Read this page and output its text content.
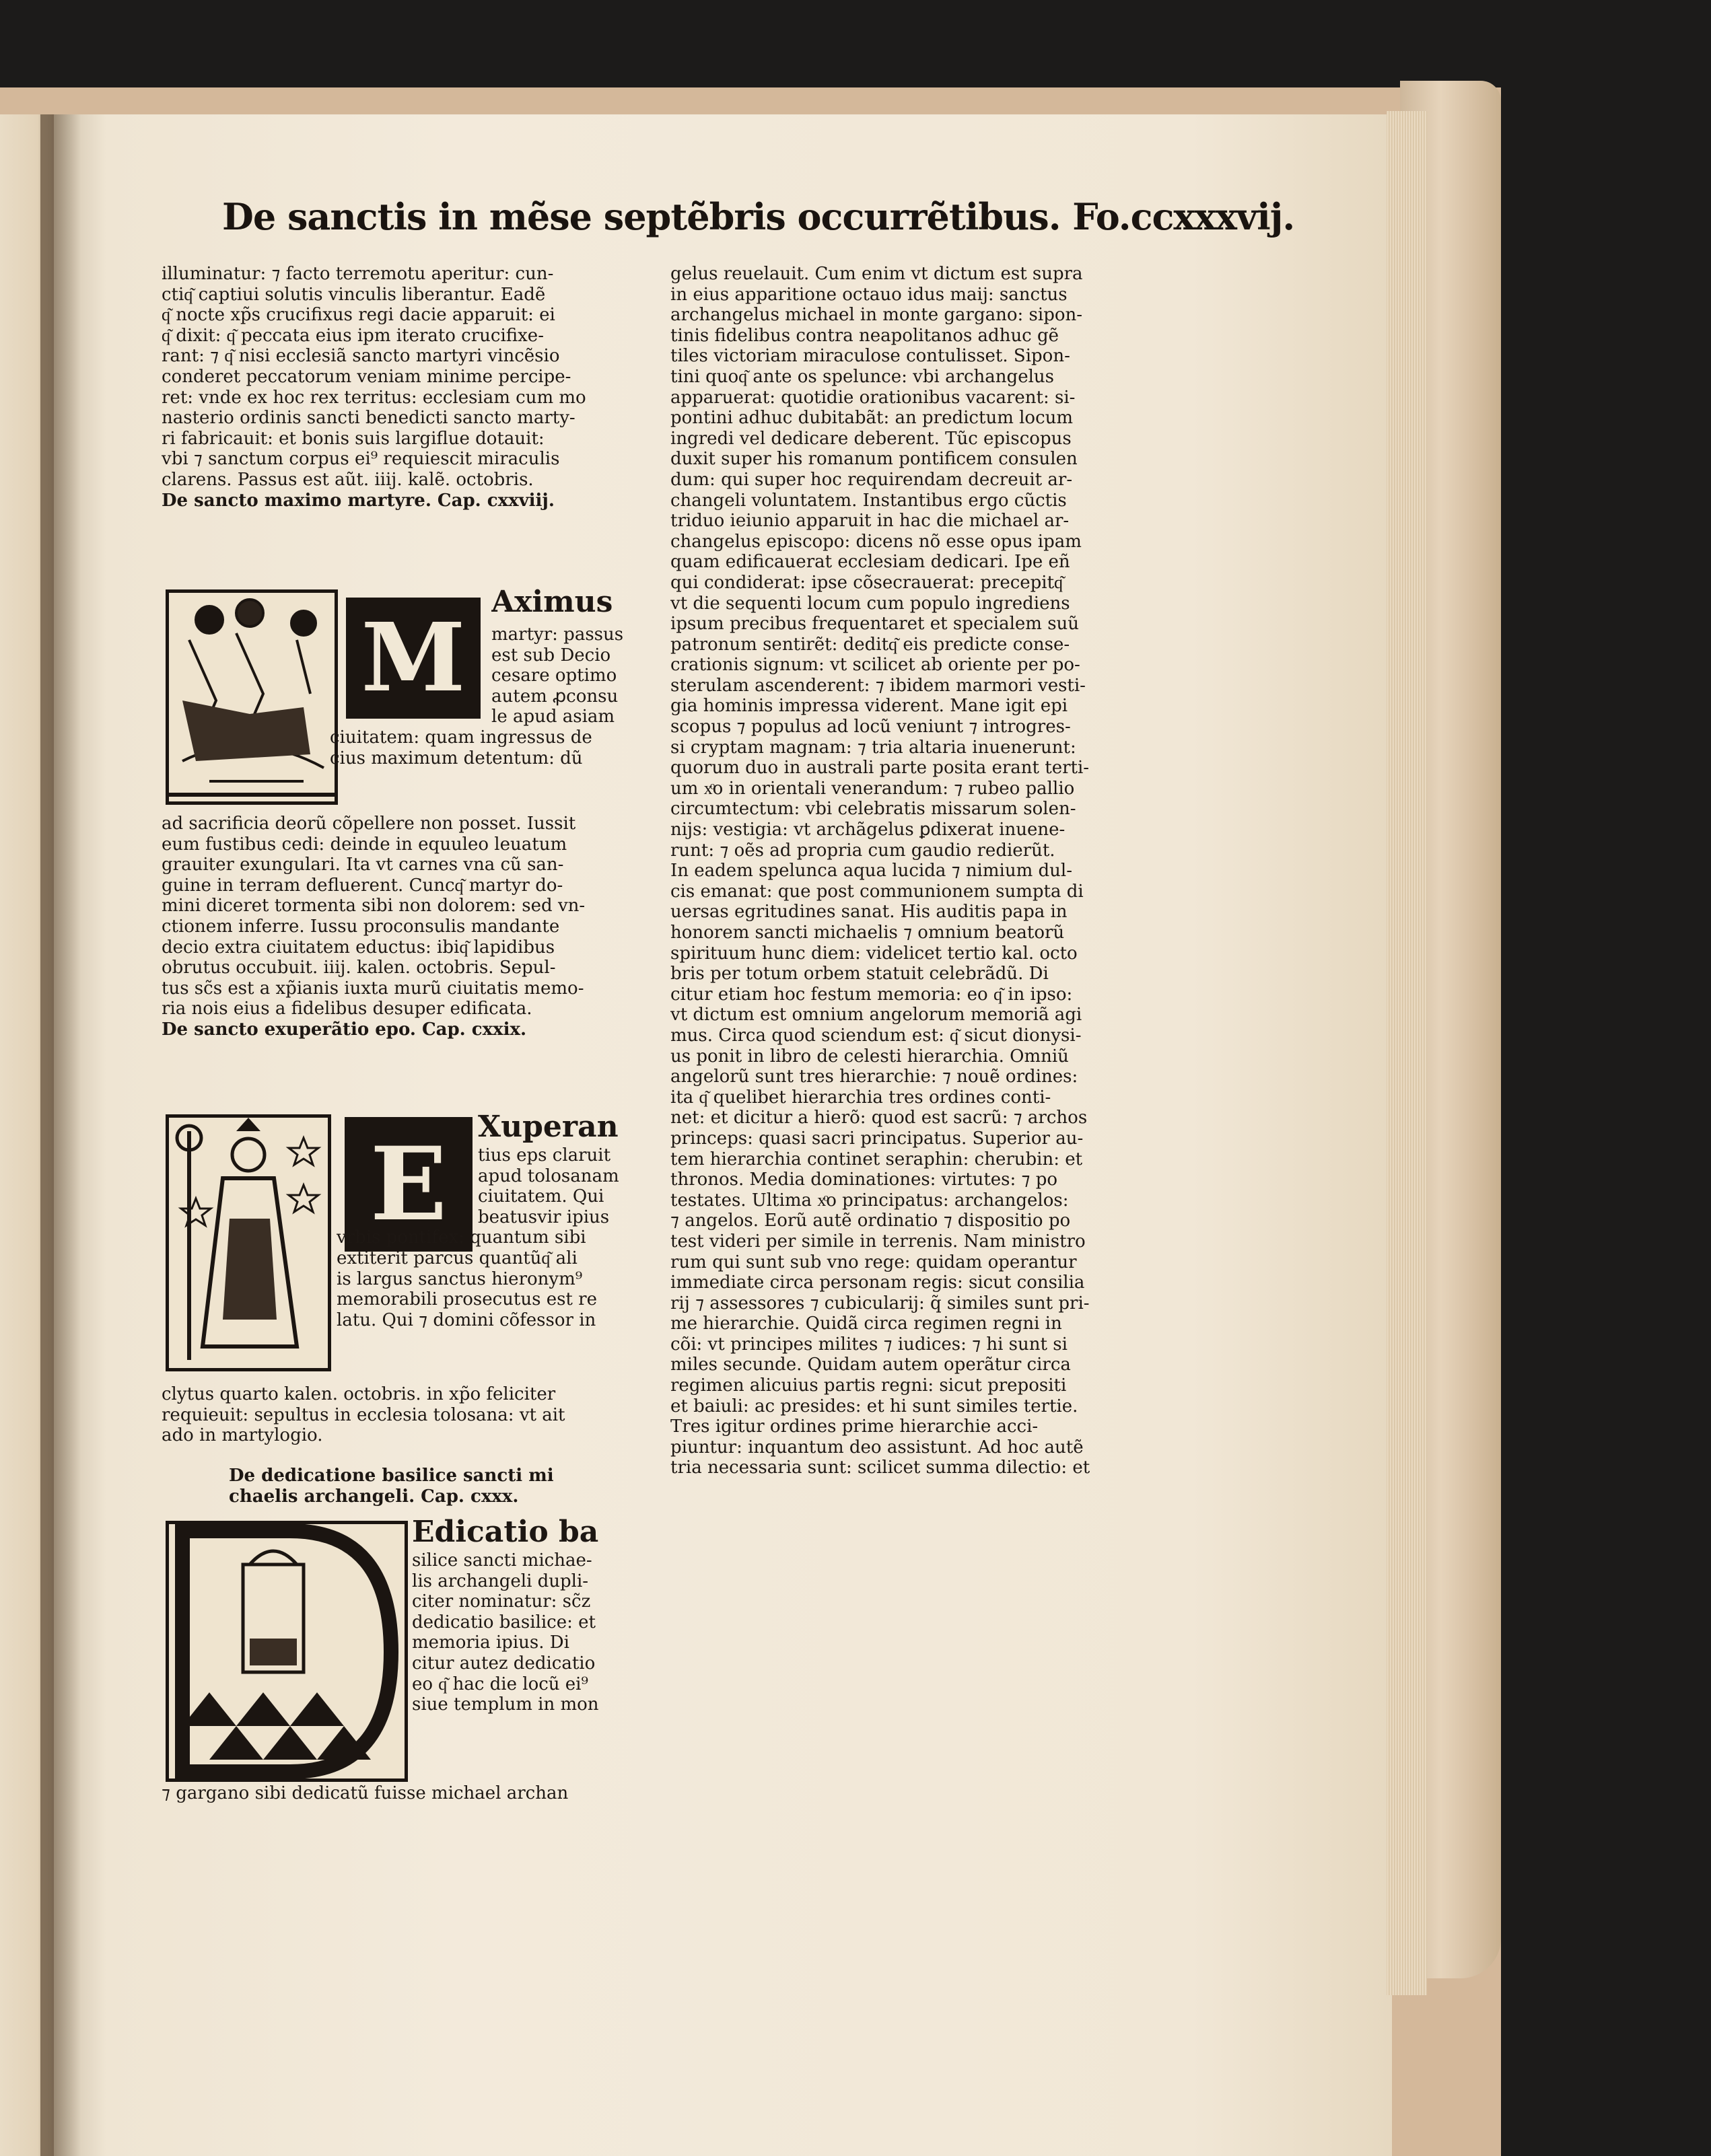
De sanctis in mẽse septẽbris occurrẽtibus. Fo.ccxxxvij.
illuminatur: ⁊ facto terremotu aperitur: cun-
ctiq͂ captiui solutis vinculis liberantur. Eadẽ
q͂ nocte xp̃s crucifixus regi dacie apparuit: ei
q͂ dixit: q͂ peccata eius ipm iterato crucifixe-
rant: ⁊ q͂ nisi ecclesiã sancto martyri vincẽsio
conderet peccatorum veniam minime percipe-
ret: vnde ex hoc rex territus: ecclesiam cum mo
nasterio ordinis sancti benedicti sancto marty-
ri fabricauit: et bonis suis largiflue dotauit:
vbi ⁊ sanctum corpus ei⁹ requiescit miraculis
clarens. Passus est aũt. iiij. kalẽ. octobris.
De sancto maximo martyre. Cap. cxxviij.
M
Aximus
martyr: passus
est sub Decio
cesare optimo
autem ꝓconsu
le apud asiam
ciuitatem: quam ingressus de
cius maximum detentum: dũ
ad sacrificia deorũ cõpellere non posset. Iussit
eum fustibus cedi: deinde in equuleo leuatum
grauiter exungulari. Ita vt carnes vna cũ san-
guine in terram defluerent. Cuncq͂ martyr do-
mini diceret tormenta sibi non dolorem: sed vn-
ctionem inferre. Iussu proconsulis mandante
decio extra ciuitatem eductus: ibiq͂ lapidibus
obrutus occubuit. iiij. kalen. octobris. Sepul-
tus sc̃s est a xp̃ianis iuxta murũ ciuitatis memo-
ria nois eius a fidelibus desuper edificata.
De sancto exuperãtio epo. Cap. cxxix.
E	Xuperan
tius eps claruit
apud tolosanam
ciuitatem. Qui
beatusvir ipius
vrbis pontifex: quantum sibi
extiterit parcus quantũq͂ ali
is largus sanctus hieronym⁹
memorabili prosecutus est re
latu. Qui ⁊ domini cõfessor in
clytus quarto kalen. octobris. in xp̃o feliciter
requieuit: sepultus in ecclesia tolosana: vt ait
ado in martylogio.
De dedicatione basilice sancti mi
chaelis archangeli. Cap. cxxx.
Edicatio ba
silice sancti michae-
lis archangeli dupli-
citer nominatur: sc̃z
dedicatio basilice: et
memoria ipius. Di
citur autez dedicatio
eo q͂ hac die locũ ei⁹
siue templum in mon
⁊ gargano sibi dedicatũ fuisse michael archan
gelus reuelauit. Cum enim vt dictum est supra
in eius apparitione octauo idus maij: sanctus
archangelus michael in monte gargano: sipon-
tinis fidelibus contra neapolitanos adhuc gẽ
tiles victoriam miraculose contulisset. Sipon-
tini quoq͂ ante os spelunce: vbi archangelus
apparuerat: quotidie orationibus vacarent: si-
pontini adhuc dubitabãt: an predictum locum
ingredi vel dedicare deberent. Tũc episcopus
duxit super his romanum pontificem consulen
dum: qui super hoc requirendam decreuit ar-
changeli voluntatem. Instantibus ergo cũctis
triduo ieiunio apparuit in hac die michael ar-
changelus episcopo: dicens nõ esse opus ipam
quam edificauerat ecclesiam dedicari. Ipe eñ
qui condiderat: ipse cõsecrauerat: precepitq͂
vt die sequenti locum cum populo ingrediens
ipsum precibus frequentaret et specialem suũ
patronum sentirẽt: deditq͂ eis predicte conse-
crationis signum: vt scilicet ab oriente per po-
sterulam ascenderent: ⁊ ibidem marmori vesti-
gia hominis impressa viderent. Mane igit epi
scopus ⁊ populus ad locũ veniunt ⁊ introgres-
si cryptam magnam: ⁊ tria altaria inuenerunt:
quorum duo in australi parte posita erant terti-
um xͦo in orientali venerandum: ⁊ rubeo pallio
circumtectum: vbi celebratis missarum solen-
nijs: vestigia: vt archãgelus ꝑdixerat inuene-
runt: ⁊ oẽs ad propria cum gaudio redierũt.
In eadem spelunca aqua lucida ⁊ nimium dul-
cis emanat: que post communionem sumpta di
uersas egritudines sanat. His auditis papa in
honorem sancti michaelis ⁊ omnium beatorũ
spirituum hunc diem: videlicet tertio kal. octo
bris per totum orbem statuit celebrãdũ. Di
citur etiam hoc festum memoria: eo q͂ in ipso:
vt dictum est omnium angelorum memoriã agi
mus. Circa quod sciendum est: q͂ sicut dionysi-
us ponit in libro de celesti hierarchia. Omniũ
angelorũ sunt tres hierarchie: ⁊ nouẽ ordines:
ita q͂ quelibet hierarchia tres ordines conti-
net: et dicitur a hierõ: quod est sacrũ: ⁊ archos
princeps: quasi sacri principatus. Superior au-
tem hierarchia continet seraphin: cherubin: et
thronos. Media dominationes: virtutes: ⁊ po
testates. Ultima xͦo principatus: archangelos:
⁊ angelos. Eorũ autẽ ordinatio ⁊ dispositio po
test videri per simile in terrenis. Nam ministro
rum qui sunt sub vno rege: quidam operantur
immediate circa personam regis: sicut consilia
rij ⁊ assessores ⁊ cubicularij: q̃ similes sunt pri-
me hierarchie. Quidã circa regimen regni in
cõi: vt principes milites ⁊ iudices: ⁊ hi sunt si
miles secunde. Quidam autem operãtur circa
regimen alicuius partis regni: sicut prepositi
et baiuli: ac presides: et hi sunt similes tertie.
Tres igitur ordines prime hierarchie acci-
piuntur: inquantum deo assistunt. Ad hoc autẽ
tria necessaria sunt: scilicet summa dilectio: et
